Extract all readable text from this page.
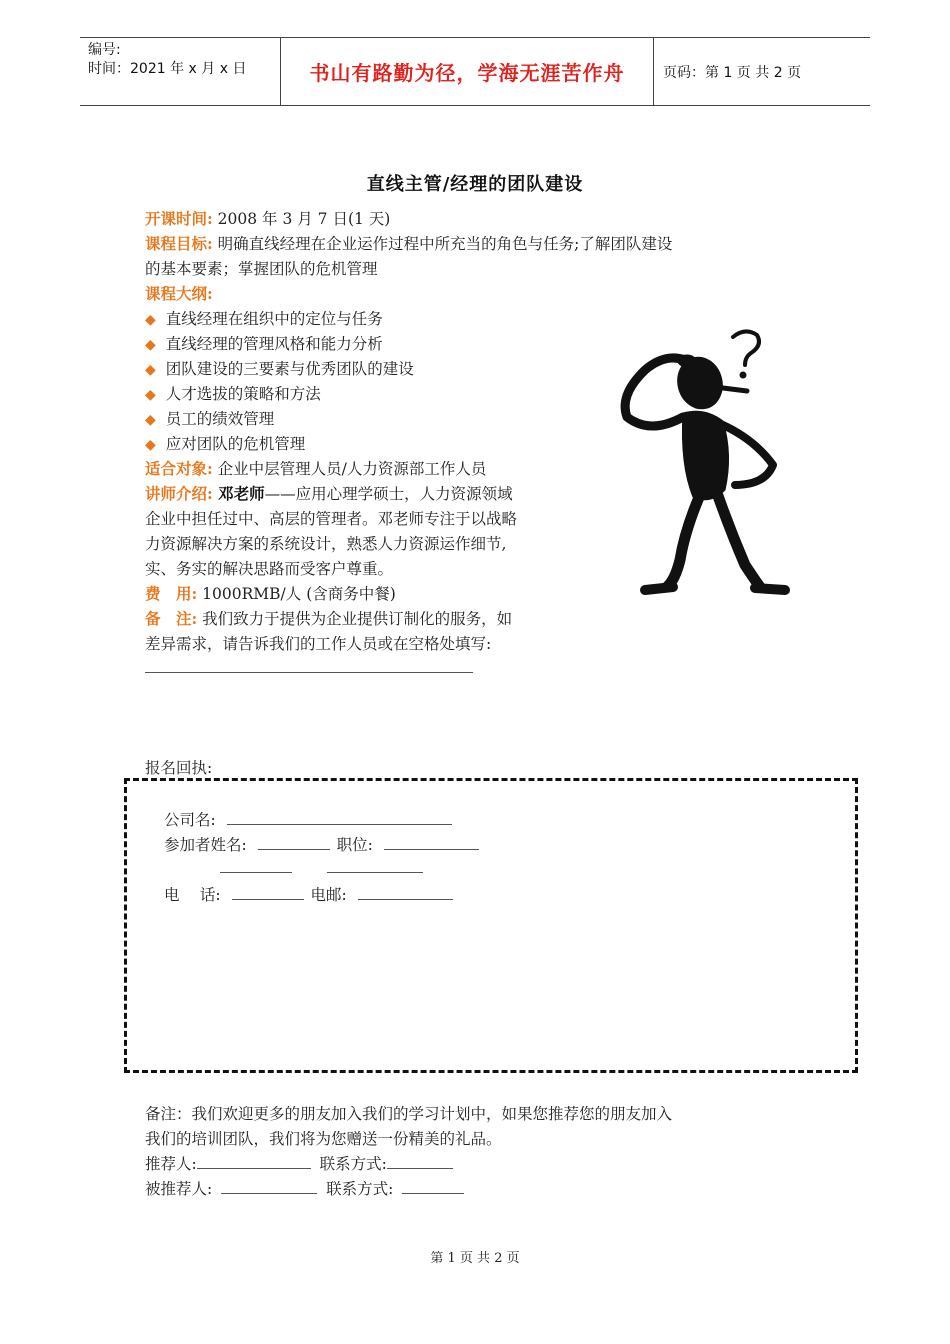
编号:
时间：2021 年 x 月 x 日	书山有路勤为径，学海无涯苦作舟	页码：第 1 页 共 2 页
直线主管/经理的团队建设
开课时间: 2008 年 3 月 7 日(1 天)
课程目标: 明确直线经理在企业运作过程中所充当的角色与任务;了解团队建设
的基本要素；掌握团队的危机管理
课程大纲:
◆ 直线经理在组织中的定位与任务
◆ 直线经理的管理风格和能力分析
◆ 团队建设的三要素与优秀团队的建设
◆ 人才选拔的策略和方法
◆ 员工的绩效管理
◆ 应对团队的危机管理
适合对象: 企业中层管理人员/人力资源部工作人员
讲师介绍: 邓老师——应用心理学硕士，人力资源领域
企业中担任过中、高层的管理者。邓老师专注于以战略
力资源解决方案的系统设计，熟悉人力资源运作细节,
实、务实的解决思路而受客户尊重。
费　用: 1000RMB/人 (含商务中餐)
备　注: 我们致力于提供为企业提供订制化的服务，如
差异需求，请告诉我们的工作人员或在空格处填写:
报名回执:
公司名:
参加者姓名:	职位:

电　 话:	电邮:
备注：我们欢迎更多的朋友加入我们的学习计划中，如果您推荐您的朋友加入
我们的培训团队，我们将为您赠送一份精美的礼品。
推荐人:	联系方式:
被推荐人:	联系方式:
第 1 页 共 2 页
